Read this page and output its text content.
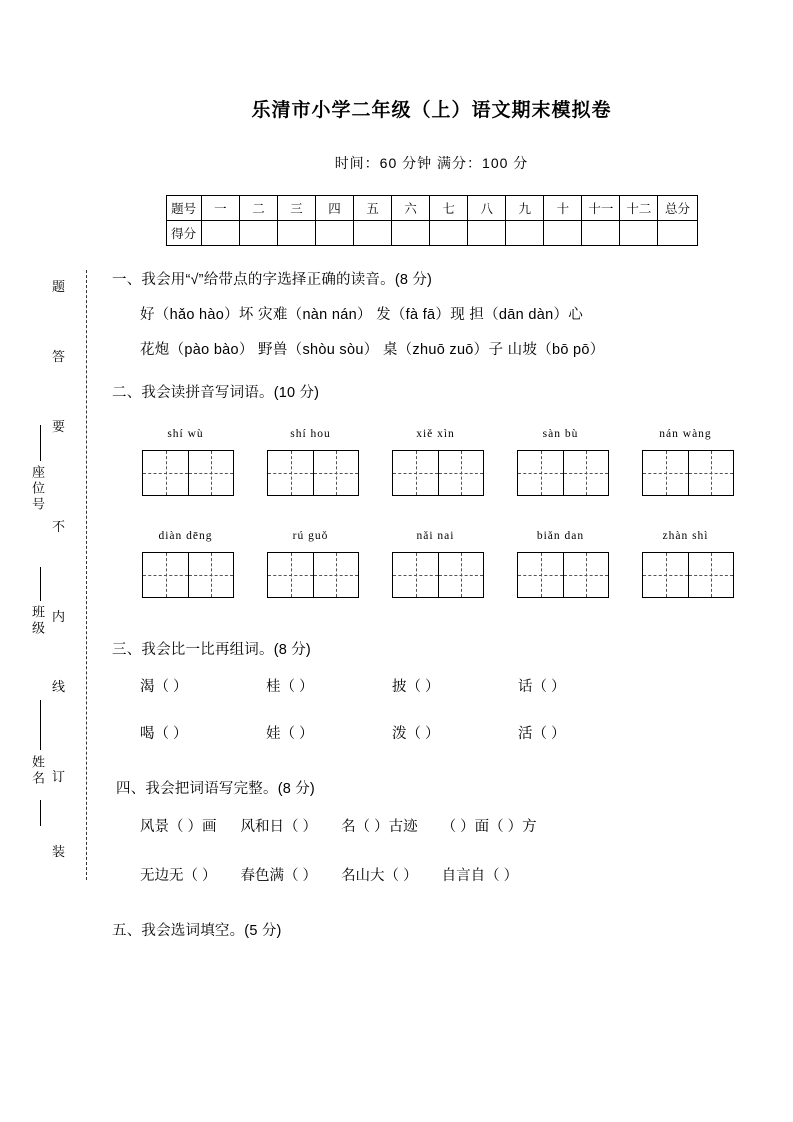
题
答
要
不
内
线
订
装
座位号
班级
姓名
乐清市小学二年级（上）语文期末模拟卷
时间：60 分钟 满分：100 分
题号	一	二	三	四	五	六	七	八	九	十	十一	十二	总分
得分													
一、我会用“√”给带点的字选择正确的读音。(8 分)
好（hǎo hào）坏 灾难（nàn nán） 发（fà fā）现 担（dān dàn）心
花炮（pào bào） 野兽（shòu sòu） 桌（zhuō zuō）子 山坡（bō pō）
二、我会读拼音写词语。(10 分)
shí wù	shí hou	xiě xìn	sàn bù	nán wàng
diàn dēng	rú guǒ	nǎi nai	biǎn dan	zhàn shì
三、我会比一比再组词。(8 分)
渴（ ）	桂（ ）	披（ ）	话（ ）
喝（ ）	娃（ ）	泼（ ）	活（ ）
四、我会把词语写完整。(8 分)
风景（ ）画 风和日（ ） 名（ ）古迹 （ ）面（ ）方
无边无（ ） 春色满（ ） 名山大（ ） 自言自（ ）
五、我会选词填空。(5 分)
